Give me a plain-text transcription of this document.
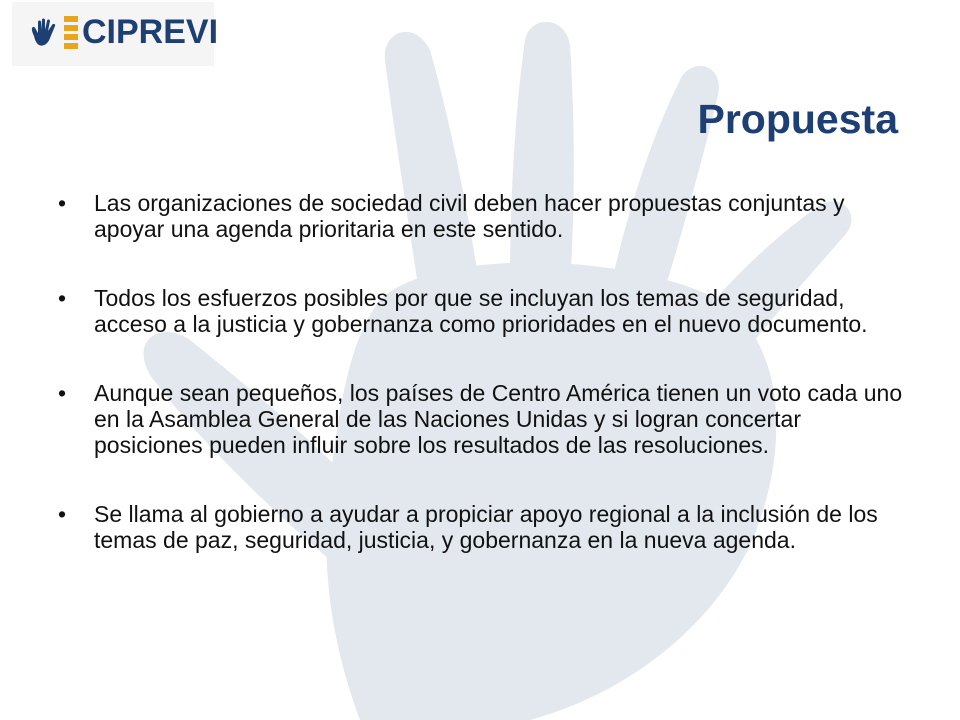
CIPREVI
Propuesta
• Las organizaciones de sociedad civil deben hacer propuestas conjuntas y apoyar una agenda prioritaria en este sentido.
• Todos los esfuerzos posibles por que se incluyan los temas de seguridad, acceso a la justicia y gobernanza como prioridades en el nuevo documento.
• Aunque sean pequeños, los países de Centro América tienen un voto cada uno en la Asamblea General de las Naciones Unidas y si logran concertar posiciones pueden influir sobre los resultados de las resoluciones.
• Se llama al gobierno a ayudar a propiciar apoyo regional a la inclusión de los temas de paz, seguridad, justicia, y gobernanza en la nueva agenda.
